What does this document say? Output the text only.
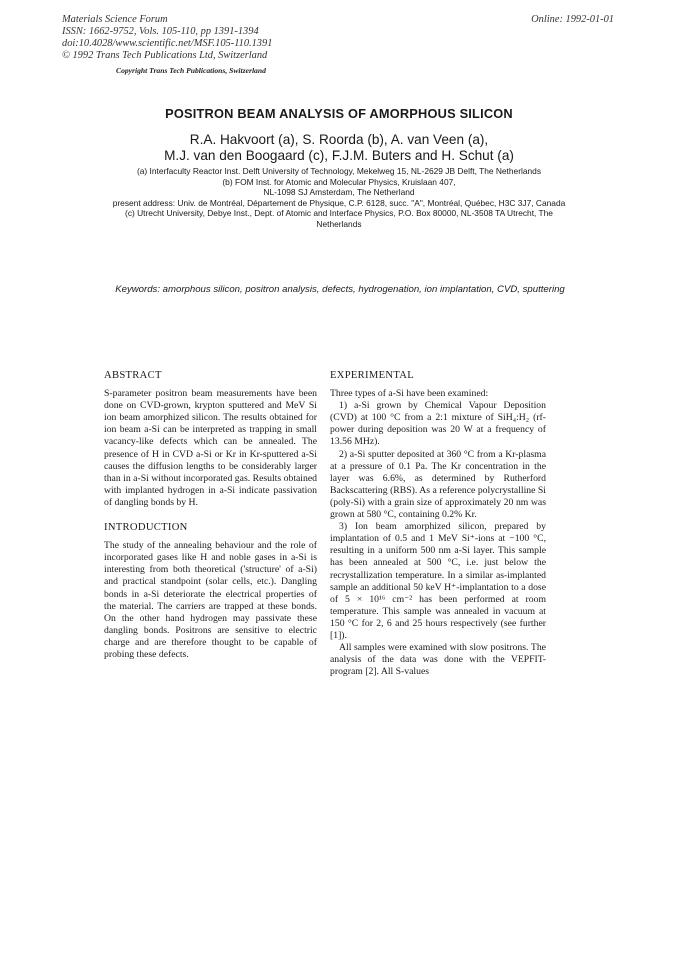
Materials Science Forum
ISSN: 1662-9752, Vols. 105-110, pp 1391-1394
doi:10.4028/www.scientific.net/MSF.105-110.1391
© 1992 Trans Tech Publications Ltd, Switzerland
Online: 1992-01-01
Copyright Trans Tech Publications, Switzerland
POSITRON BEAM ANALYSIS OF AMORPHOUS SILICON
R.A. Hakvoort (a), S. Roorda (b), A. van Veen (a),
M.J. van den Boogaard (c), F.J.M. Buters and H. Schut (a)
(a) Interfaculty Reactor Inst. Delft University of Technology, Mekelweg 15, NL-2629 JB Delft, The Netherlands
(b) FOM Inst. for Atomic and Molecular Physics, Kruislaan 407,
NL-1098 SJ Amsterdam, The Netherland
present address: Univ. de Montréal, Département de Physique, C.P. 6128, succ. "A", Montréal, Québec, H3C 3J7, Canada
(c) Utrecht University, Debye Inst., Dept. of Atomic and Interface Physics, P.O. Box 80000, NL-3508 TA Utrecht, The Netherlands
Keywords: amorphous silicon, positron analysis, defects, hydrogenation, ion implantation, CVD, sputtering
ABSTRACT

S-parameter positron beam measurements have been done on CVD-grown, krypton sputtered and MeV Si ion beam amorphized silicon. The results obtained for ion beam a-Si can be interpreted as trapping in small vacancy-like defects which can be annealed. The presence of H in CVD a-Si or Kr in Kr-sputtered a-Si causes the diffusion lengths to be considerably larger than in a-Si without incorporated gas. Results obtained with implanted hydrogen in a-Si indicate passivation of dangling bonds by H.

INTRODUCTION

The study of the annealing behaviour and the role of incorporated gases like H and noble gases in a-Si is interesting from both theoretical ('structure' of a-Si) and practical standpoint (solar cells, etc.). Dangling bonds in a-Si deteriorate the electrical properties of the material. The carriers are trapped at these bonds. On the other hand hydrogen may passivate these dangling bonds. Positrons are sensitive to electric charge and are therefore thought to be capable of probing these defects.

EXPERIMENTAL

Three types of a-Si have been examined:

1) a-Si grown by Chemical Vapour Deposition (CVD) at 100 °C from a 2:1 mixture of SiH₄:H₂ (rf-power during deposition was 20 W at a frequency of 13.56 MHz).

2) a-Si sputter deposited at 360 °C from a Kr-plasma at a pressure of 0.1 Pa. The Kr concentration in the layer was 6.6%, as determined by Rutherford Backscattering (RBS). As a reference polycrystalline Si (poly-Si) with a grain size of approximately 20 nm was grown at 580 °C, containing 0.2% Kr.

3) Ion beam amorphized silicon, prepared by implantation of 0.5 and 1 MeV Si⁺-ions at −100 °C, resulting in a uniform 500 nm a-Si layer. This sample has been annealed at 500 °C, i.e. just below the recrystallization temperature. In a similar as-implanted sample an additional 50 keV H⁺-implantation to a dose of 5 × 10¹⁶ cm⁻² has been performed at room temperature. This sample was annealed in vacuum at 150 °C for 2, 6 and 25 hours respectively (see further [1]).

All samples were examined with slow positrons. The analysis of the data was done with the VEPFIT-program [2]. All S-values
